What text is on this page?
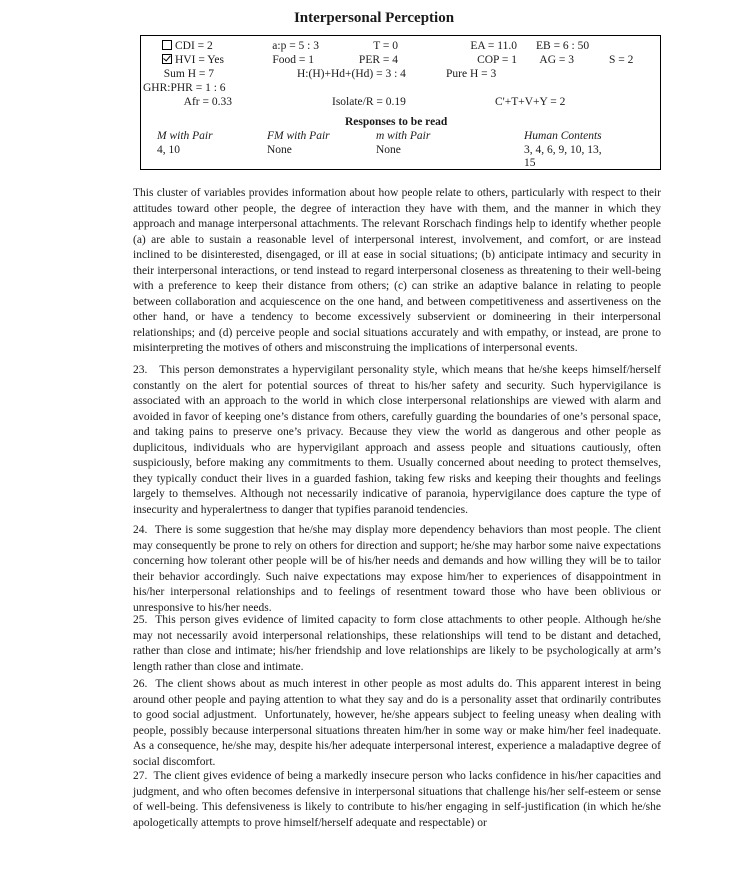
Interpersonal Perception
CDI = 2
HVI = Yes
Sum H = 7
GHR:PHR = 1 : 6
Afr = 0.33
a:p = 5 : 3
Food = 1
H:(H)+Hd+(Hd) = 3 : 4
Isolate/R = 0.19
T = 0
PER = 4
EA = 11.0
COP = 1
Pure H = 3
EB = 6 : 50
AG = 3	S = 2
C'+T+V+Y = 2
Responses to be read
M with Pair
4, 10
FM with Pair
None
m with Pair
None
Human Contents
3, 4, 6, 9, 10, 13,
15
This cluster of variables provides information about how people relate to others, particularly with respect to their attitudes toward other people, the degree of interaction they have with them, and the manner in which they approach and manage interpersonal attachments. The relevant Rorschach findings help to identify whether people (a) are able to sustain a reasonable level of interpersonal interest, involvement, and comfort, or are instead inclined to be disinterested, disengaged, or ill at ease in social situations; (b) anticipate intimacy and security in their interpersonal interactions, or tend instead to regard interpersonal closeness as threatening to their well-being with a preference to keep their distance from others; (c) can strike an adaptive balance in relating to people between collaboration and acquiescence on the one hand, and between competitiveness and assertiveness on the other hand, or have a tendency to become excessively subservient or domineering in their interpersonal relationships; and (d) perceive people and social situations accurately and with empathy, or instead, are prone to misinterpreting the motives of others and misconstruing the implications of interpersonal events.
23.   This person demonstrates a hypervigilant personality style, which means that he/she keeps himself/herself constantly on the alert for potential sources of threat to his/her safety and security. Such hypervigilance is associated with an approach to the world in which close interpersonal relationships are viewed with alarm and avoided in favor of keeping one’s distance from others, carefully guarding the boundaries of one’s personal space, and taking pains to preserve one’s privacy. Because they view the world as dangerous and other people as duplicitous, individuals who are hypervigilant approach and assess people and situations cautiously, often suspiciously, before making any commitments to them. Usually concerned about needing to protect themselves, they typically conduct their lives in a guarded fashion, taking few risks and keeping their thoughts and feelings largely to themselves. Although not necessarily indicative of paranoia, hypervigilance does capture the type of insecurity and hyperalertness to danger that typifies paranoid tendencies.
24.  There is some suggestion that he/she may display more dependency behaviors than most people. The client may consequently be prone to rely on others for direction and support; he/she may harbor some naive expectations concerning how tolerant other people will be of his/her needs and demands and how willing they will be to tailor their behavior accordingly. Such naive expectations may expose him/her to experiences of disappointment in his/her interpersonal relationships and to feelings of resentment toward those who have been oblivious or unresponsive to his/her needs.
25.  This person gives evidence of limited capacity to form close attachments to other people. Although he/she may not necessarily avoid interpersonal relationships, these relationships will tend to be distant and detached, rather than close and intimate; his/her friendship and love relationships are likely to be psychologically at arm’s length rather than close and intimate.
26.  The client shows about as much interest in other people as most adults do. This apparent interest in being around other people and paying attention to what they say and do is a personality asset that ordinarily contributes to good social adjustment.  Unfortunately, however, he/she appears subject to feeling uneasy when dealing with people, possibly because interpersonal situations threaten him/her in some way or make him/her feel inadequate. As a consequence, he/she may, despite his/her adequate interpersonal interest, experience a maladaptive degree of social discomfort.
27.  The client gives evidence of being a markedly insecure person who lacks confidence in his/her capacities and judgment, and who often becomes defensive in interpersonal situations that challenge his/her self-esteem or sense of well-being. This defensiveness is likely to contribute to his/her engaging in self-justification (in which he/she apologetically attempts to prove himself/herself adequate and respectable) or
